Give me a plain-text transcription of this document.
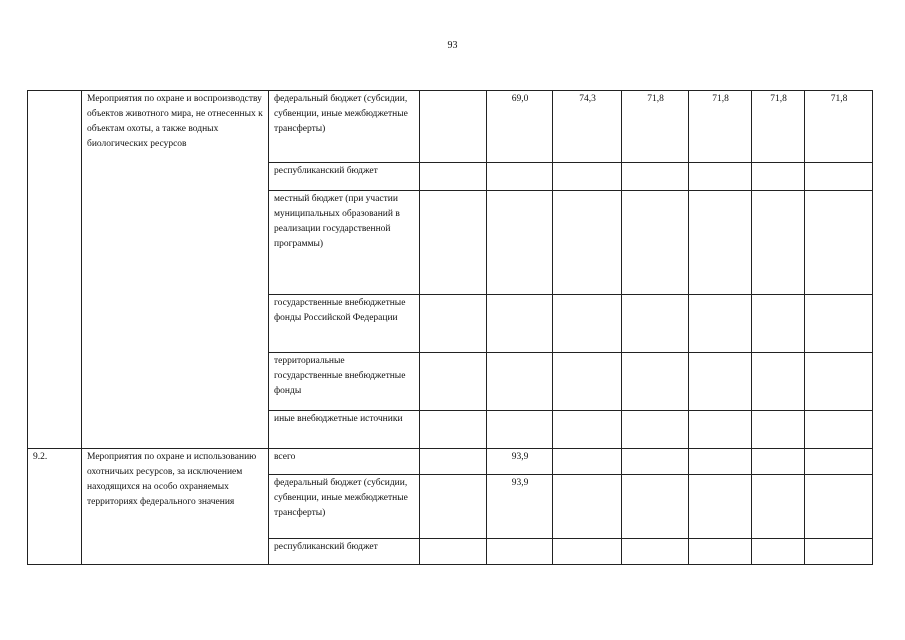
93
	Мероприятия по охране и воспроизводству объектов животного мира, не отнесенных к объектам охоты, а также водных биологических ресурсов	федеральный бюджет (субсидии, субвенции, иные межбюджетные трансферты)		69,0	74,3	71,8	71,8	71,8	71,8
		республиканский бюджет							
		местный бюджет (при участии муниципальных образований в реализации государственной программы)							
		государственные внебюджетные фонды Российской Федерации							
		территориальные государственные внебюджетные фонды							
		иные внебюджетные источники							
9.2.	Мероприятия по охране и использованию охотничьих ресурсов, за исключением находящихся на особо охраняемых территориях федерального значения	всего		93,9					
		федеральный бюджет (субсидии, субвенции, иные межбюджетные трансферты)		93,9					
		республиканский бюджет							
